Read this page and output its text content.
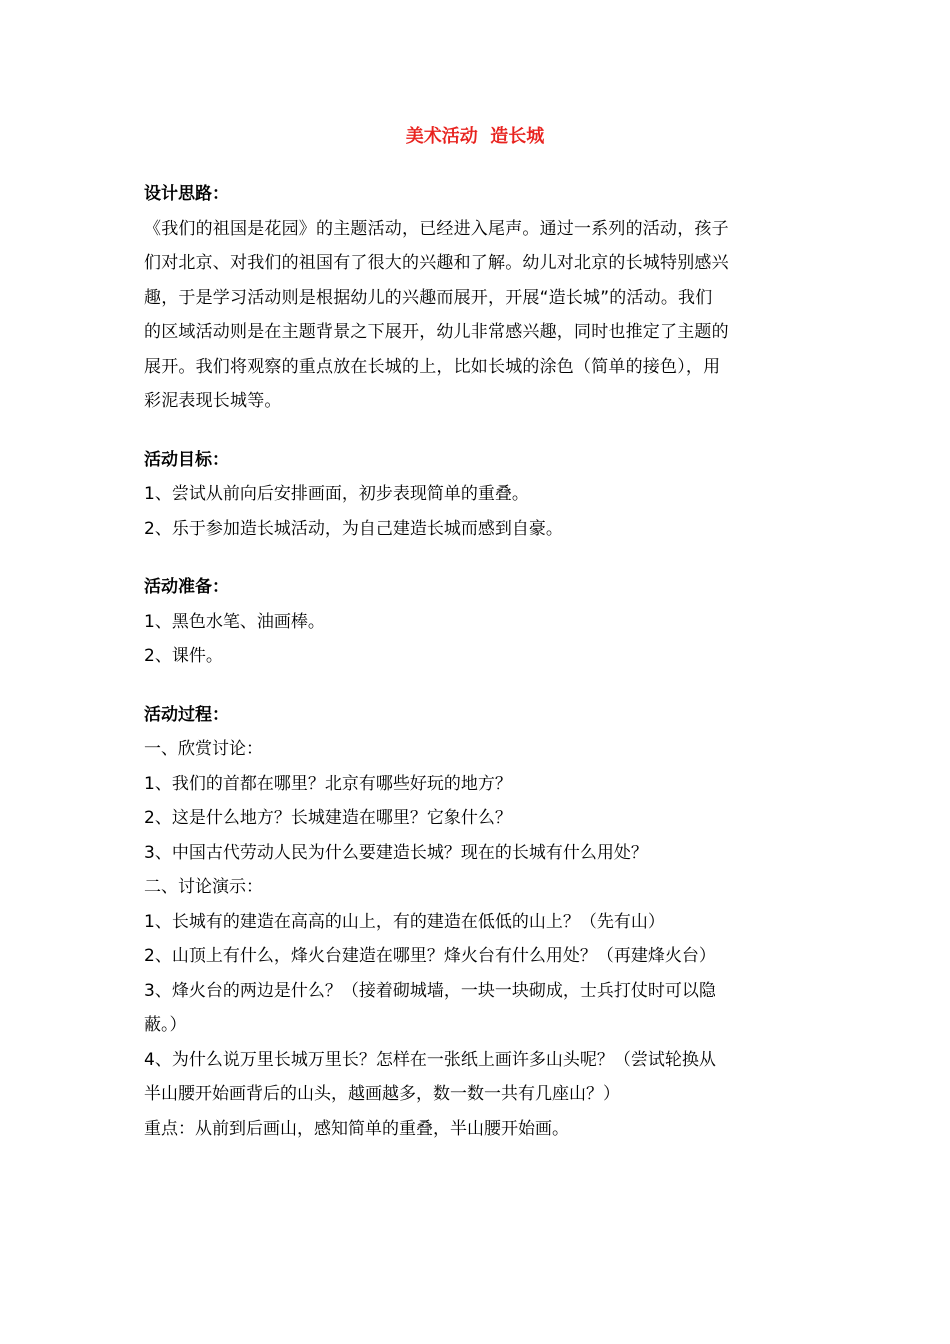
美术活动  造长城
设计思路：
《我们的祖国是花园》的主题活动，已经进入尾声。通过一系列的活动，孩子
们对北京、对我们的祖国有了很大的兴趣和了解。幼儿对北京的长城特别感兴
趣，于是学习活动则是根据幼儿的兴趣而展开，开展“造长城”的活动。我们
的区域活动则是在主题背景之下展开，幼儿非常感兴趣，同时也推定了主题的
展开。我们将观察的重点放在长城的上，比如长城的涂色（简单的接色），用
彩泥表现长城等。
活动目标：
1、尝试从前向后安排画面，初步表现简单的重叠。
2、乐于参加造长城活动，为自己建造长城而感到自豪。
活动准备：
1、黑色水笔、油画棒。
2、课件。
活动过程：
一、欣赏讨论：
1、我们的首都在哪里？北京有哪些好玩的地方？
2、这是什么地方？长城建造在哪里？它象什么？
3、中国古代劳动人民为什么要建造长城？现在的长城有什么用处？
二、讨论演示：
1、长城有的建造在高高的山上，有的建造在低低的山上？（先有山）
2、山顶上有什么，烽火台建造在哪里？烽火台有什么用处？（再建烽火台）
3、烽火台的两边是什么？（接着砌城墙，一块一块砌成，士兵打仗时可以隐
蔽。）
4、为什么说万里长城万里长？怎样在一张纸上画许多山头呢？（尝试轮换从
半山腰开始画背后的山头，越画越多，数一数一共有几座山？）
重点：从前到后画山，感知简单的重叠，半山腰开始画。
